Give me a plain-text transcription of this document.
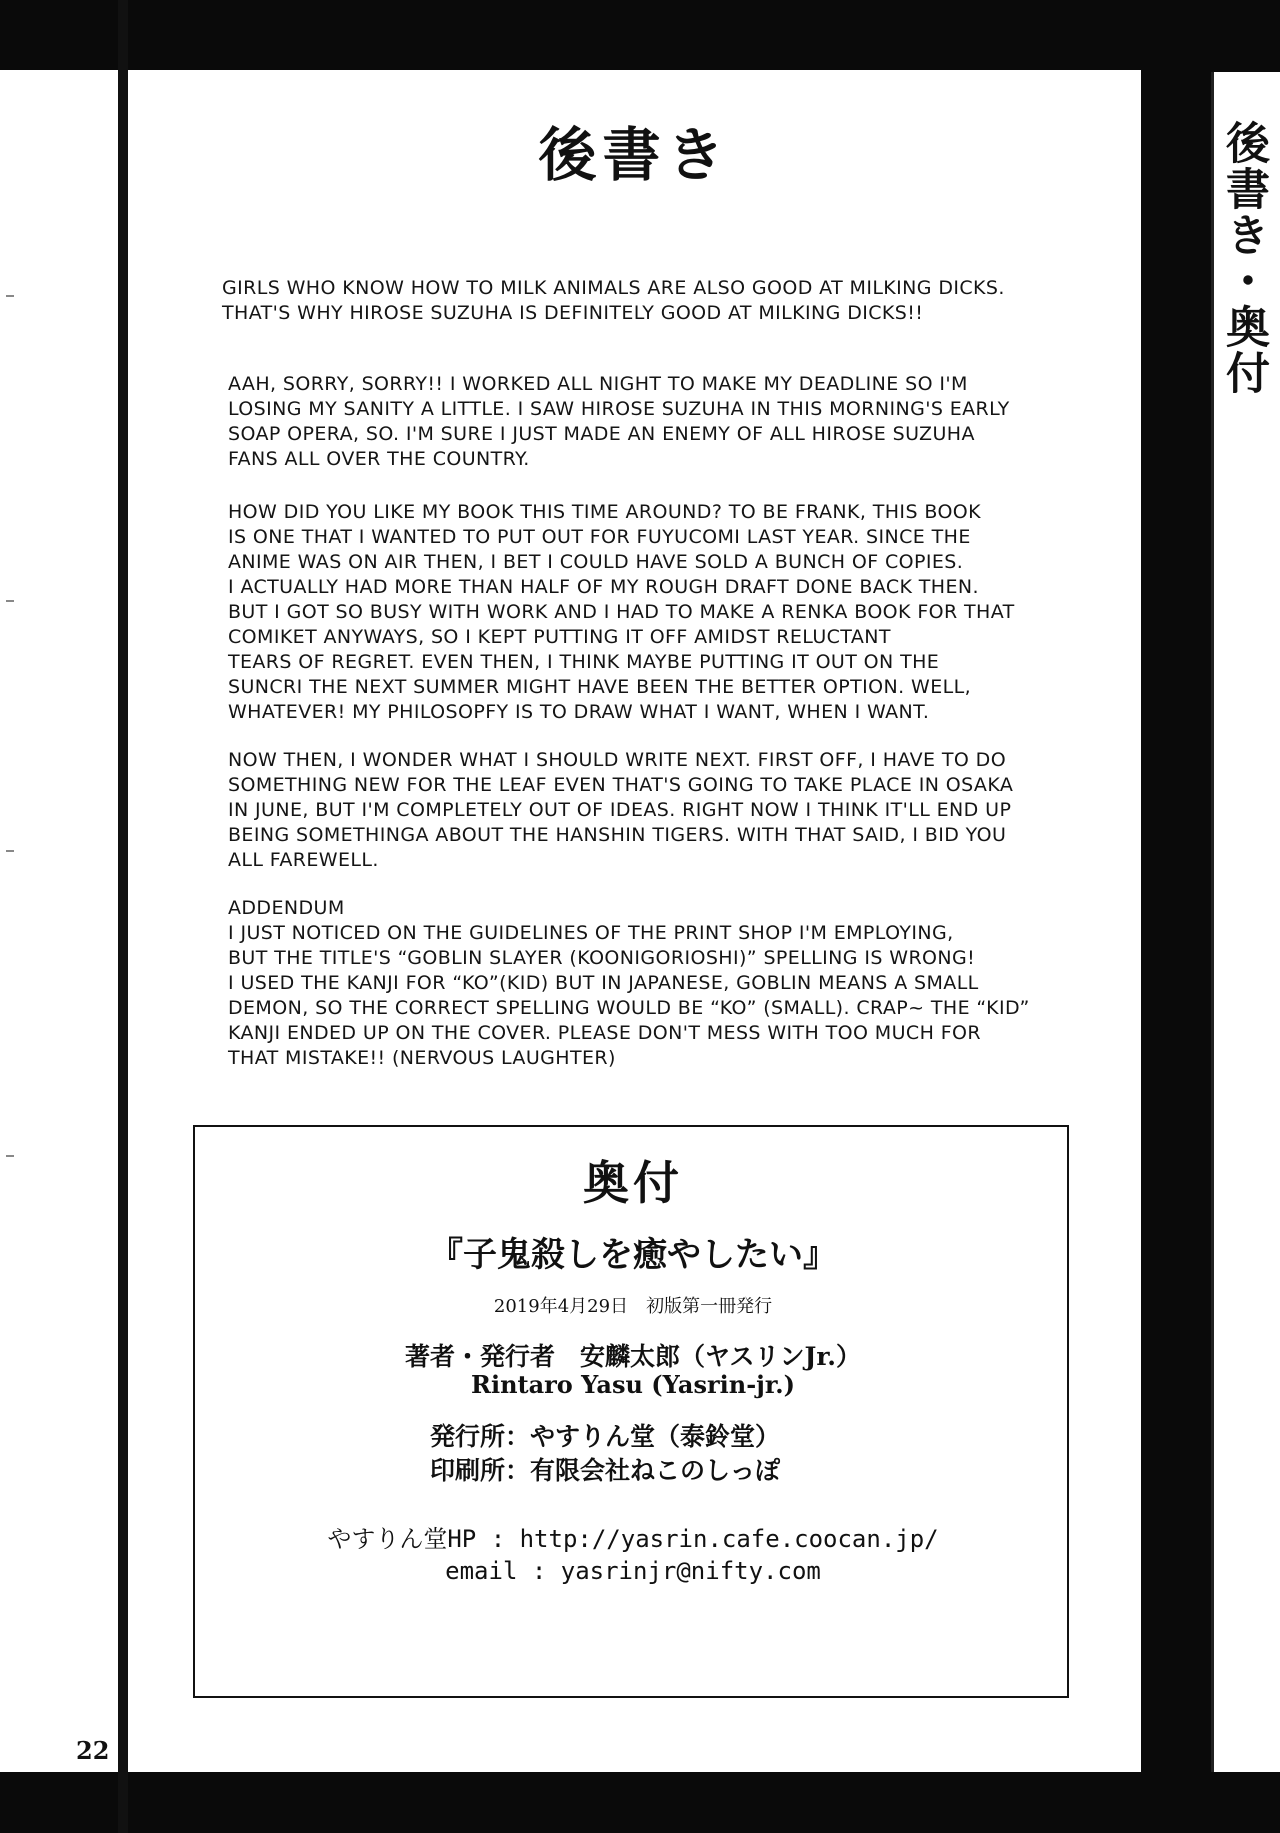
後書き・奥付
後書き
GIRLS WHO KNOW HOW TO MILK ANIMALS ARE ALSO GOOD AT MILKING DICKS.
THAT'S WHY HIROSE SUZUHA IS DEFINITELY GOOD AT MILKING DICKS!!
AAH, SORRY, SORRY!! I WORKED ALL NIGHT TO MAKE MY DEADLINE SO I'M
LOSING MY SANITY A LITTLE. I SAW HIROSE SUZUHA IN THIS MORNING'S EARLY
SOAP OPERA, SO. I'M SURE I JUST MADE AN ENEMY OF ALL HIROSE SUZUHA
FANS ALL OVER THE COUNTRY.
HOW DID YOU LIKE MY BOOK THIS TIME AROUND? TO BE FRANK, THIS BOOK
IS ONE THAT I WANTED TO PUT OUT FOR FUYUCOMI LAST YEAR. SINCE THE
ANIME WAS ON AIR THEN, I BET I COULD HAVE SOLD A BUNCH OF COPIES.
I ACTUALLY HAD MORE THAN HALF OF MY ROUGH DRAFT DONE BACK THEN.
BUT I GOT SO BUSY WITH WORK AND I HAD TO MAKE A RENKA BOOK FOR THAT
COMIKET ANYWAYS, SO I KEPT PUTTING IT OFF AMIDST RELUCTANT
TEARS OF REGRET. EVEN THEN, I THINK MAYBE PUTTING IT OUT ON THE
SUNCRI THE NEXT SUMMER MIGHT HAVE BEEN THE BETTER OPTION. WELL,
WHATEVER! MY PHILOSOPFY IS TO DRAW WHAT I WANT, WHEN I WANT.
NOW THEN, I WONDER WHAT I SHOULD WRITE NEXT. FIRST OFF, I HAVE TO DO
SOMETHING NEW FOR THE LEAF EVEN THAT'S GOING TO TAKE PLACE IN OSAKA
IN JUNE, BUT I'M COMPLETELY OUT OF IDEAS. RIGHT NOW I THINK IT'LL END UP
BEING SOMETHINGA ABOUT THE HANSHIN TIGERS. WITH THAT SAID, I BID YOU
ALL FAREWELL.
ADDENDUM
I JUST NOTICED ON THE GUIDELINES OF THE PRINT SHOP I'M EMPLOYING,
BUT THE TITLE'S “GOBLIN SLAYER (KOONIGORIOSHI)” SPELLING IS WRONG!
I USED THE KANJI FOR “KO”(KID) BUT IN JAPANESE, GOBLIN MEANS A SMALL
DEMON, SO THE CORRECT SPELLING WOULD BE “KO” (SMALL). CRAP~ THE “KID”
KANJI ENDED UP ON THE COVER. PLEASE DON'T MESS WITH TOO MUCH FOR
THAT MISTAKE!! (NERVOUS LAUGHTER)
奥付
『子鬼殺しを癒やしたい』
2019年4月29日　初版第一冊発行
著者・発行者　安麟太郎（ヤスリンJr.）
Rintaro Yasu (Yasrin-jr.)
発行所：やすりん堂（泰鈴堂）
印刷所：有限会社ねこのしっぽ
やすりん堂HP : http://yasrin.cafe.coocan.jp/
email : yasrinjr@nifty.com
22
